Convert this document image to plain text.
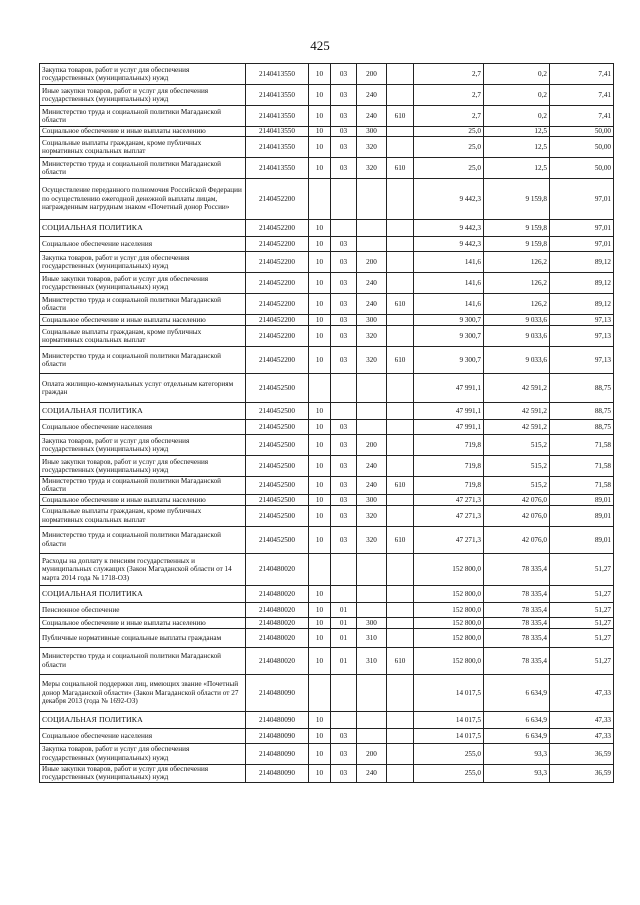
425
Закупка товаров, работ и услуг для обеспечения государственных (муниципальных) нужд	2140413550	10	03	200		2,7	0,2	7,41
Иные закупки товаров, работ и услуг для обеспечения государственных (муниципальных) нужд	2140413550	10	03	240		2,7	0,2	7,41
Министерство труда и социальной политики Магаданской области	2140413550	10	03	240	610	2,7	0,2	7,41
Социальное обеспечение и иные выплаты населению	2140413550	10	03	300		25,0	12,5	50,00
Социальные выплаты гражданам, кроме публичных нормативных социальных выплат	2140413550	10	03	320		25,0	12,5	50,00
Министерство труда и социальной политики Магаданской области	2140413550	10	03	320	610	25,0	12,5	50,00
Осуществление переданного полномочия Российской Федерации по осуществлению ежегодной денежной выплаты лицам, награжденным нагрудным знаком «Почетный донор России»	2140452200					9 442,3	9 159,8	97,01
СОЦИАЛЬНАЯ ПОЛИТИКА	2140452200	10				9 442,3	9 159,8	97,01
Социальное обеспечение населения	2140452200	10	03			9 442,3	9 159,8	97,01
Закупка товаров, работ и услуг для обеспечения государственных (муниципальных) нужд	2140452200	10	03	200		141,6	126,2	89,12
Иные закупки товаров, работ и услуг для обеспечения государственных (муниципальных) нужд	2140452200	10	03	240		141,6	126,2	89,12
Министерство труда и социальной политики Магаданской области	2140452200	10	03	240	610	141,6	126,2	89,12
Социальное обеспечение и иные выплаты населению	2140452200	10	03	300		9 300,7	9 033,6	97,13
Социальные выплаты гражданам, кроме публичных нормативных социальных выплат	2140452200	10	03	320		9 300,7	9 033,6	97,13
Министерство труда и социальной политики Магаданской области	2140452200	10	03	320	610	9 300,7	9 033,6	97,13
Оплата жилищно-коммунальных услуг отдельным категориям граждан	2140452500					47 991,1	42 591,2	88,75
СОЦИАЛЬНАЯ ПОЛИТИКА	2140452500	10				47 991,1	42 591,2	88,75
Социальное обеспечение населения	2140452500	10	03			47 991,1	42 591,2	88,75
Закупка товаров, работ и услуг для обеспечения государственных (муниципальных) нужд	2140452500	10	03	200		719,8	515,2	71,58
Иные закупки товаров, работ и услуг для обеспечения государственных (муниципальных) нужд	2140452500	10	03	240		719,8	515,2	71,58
Министерство труда и социальной политики Магаданской области	2140452500	10	03	240	610	719,8	515,2	71,58
Социальное обеспечение и иные выплаты населению	2140452500	10	03	300		47 271,3	42 076,0	89,01
Социальные выплаты гражданам, кроме публичных нормативных социальных выплат	2140452500	10	03	320		47 271,3	42 076,0	89,01
Министерство труда и социальной политики Магаданской области	2140452500	10	03	320	610	47 271,3	42 076,0	89,01
Расходы на доплату к пенсиям государственных и муниципальных служащих (Закон Магаданской области от 14 марта 2014 года № 1718-ОЗ)	2140480020					152 800,0	78 335,4	51,27
СОЦИАЛЬНАЯ ПОЛИТИКА	2140480020	10				152 800,0	78 335,4	51,27
Пенсионное обеспечение	2140480020	10	01			152 800,0	78 335,4	51,27
Социальное обеспечение и иные выплаты населению	2140480020	10	01	300		152 800,0	78 335,4	51,27
Публичные нормативные социальные выплаты гражданам	2140480020	10	01	310		152 800,0	78 335,4	51,27
Министерство труда и социальной политики Магаданской области	2140480020	10	01	310	610	152 800,0	78 335,4	51,27
Меры социальной поддержки лиц, имеющих звание «Почетный донор Магаданской области» (Закон Магаданской области от 27 декабря 2013 (года № 1692-ОЗ)	2140480090					14 017,5	6 634,9	47,33
СОЦИАЛЬНАЯ ПОЛИТИКА	2140480090	10				14 017,5	6 634,9	47,33
Социальное обеспечение населения	2140480090	10	03			14 017,5	6 634,9	47,33
Закупка товаров, работ и услуг для обеспечения государственных (муниципальных) нужд	2140480090	10	03	200		255,0	93,3	36,59
Иные закупки товаров, работ и услуг для обеспечения государственных (муниципальных) нужд	2140480090	10	03	240		255,0	93,3	36,59
